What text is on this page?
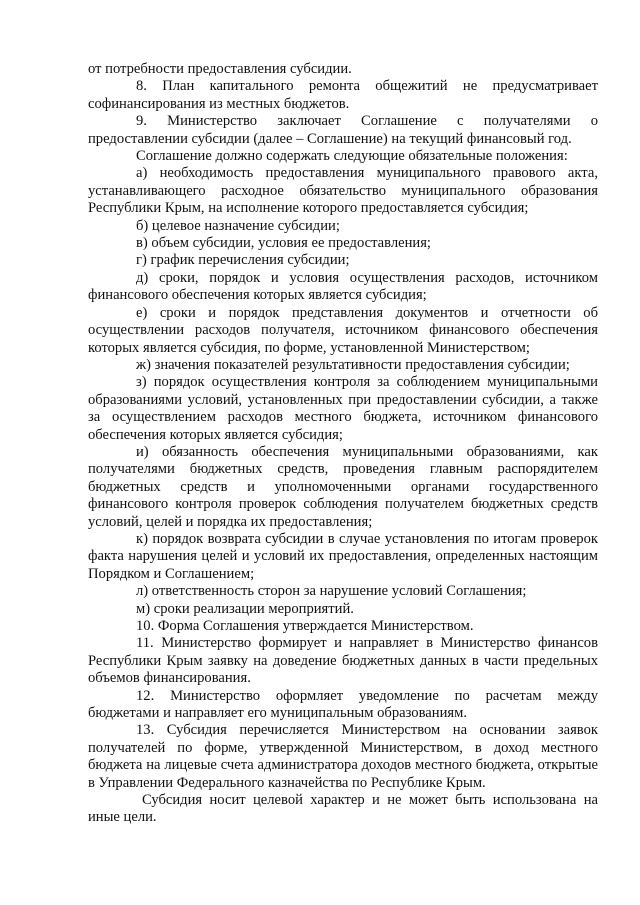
от потребности предоставления субсидии.

8. План капитального ремонта общежитий не предусматривает софинансирования из местных бюджетов.

9. Министерство заключает Соглашение с получателями о предоставлении субсидии (далее – Соглашение) на текущий финансовый год.

Соглашение должно содержать следующие обязательные положения:

а) необходимость предоставления муниципального правового акта, устанавливающего расходное обязательство муниципального образования Республики Крым, на исполнение которого предоставляется субсидия;

б) целевое назначение субсидии;

в) объем субсидии, условия ее предоставления;

г) график перечисления субсидии;

д) сроки, порядок и условия осуществления расходов, источником финансового обеспечения которых является субсидия;

е) сроки и порядок представления документов и отчетности об осуществлении расходов получателя, источником финансового обеспечения которых является субсидия, по форме, установленной Министерством;

ж) значения показателей результативности предоставления субсидии;

з) порядок осуществления контроля за соблюдением муниципальными образованиями условий, установленных при предоставлении субсидии, а также за осуществлением расходов местного бюджета, источником финансового обеспечения которых является субсидия;

и) обязанность обеспечения муниципальными образованиями, как получателями бюджетных средств, проведения главным распорядителем бюджетных средств и уполномоченными органами государственного финансового контроля проверок соблюдения получателем бюджетных средств условий, целей и порядка их предоставления;

к) порядок возврата субсидии в случае установления по итогам проверок факта нарушения целей и условий их предоставления, определенных настоящим Порядком и Соглашением;

л) ответственность сторон за нарушение условий Соглашения;

м) сроки реализации мероприятий.

10. Форма Соглашения утверждается Министерством.

11. Министерство формирует и направляет в Министерство финансов Республики Крым заявку на доведение бюджетных данных в части предельных объемов финансирования.

12. Министерство оформляет уведомление по расчетам между бюджетами и направляет его муниципальным образованиям.

13. Субсидия перечисляется Министерством на основании заявок получателей по форме, утвержденной Министерством, в доход местного бюджета на лицевые счета администратора доходов местного бюджета, открытые в Управлении Федерального казначейства по Республике Крым.

Субсидия носит целевой характер и не может быть использована на иные цели.
